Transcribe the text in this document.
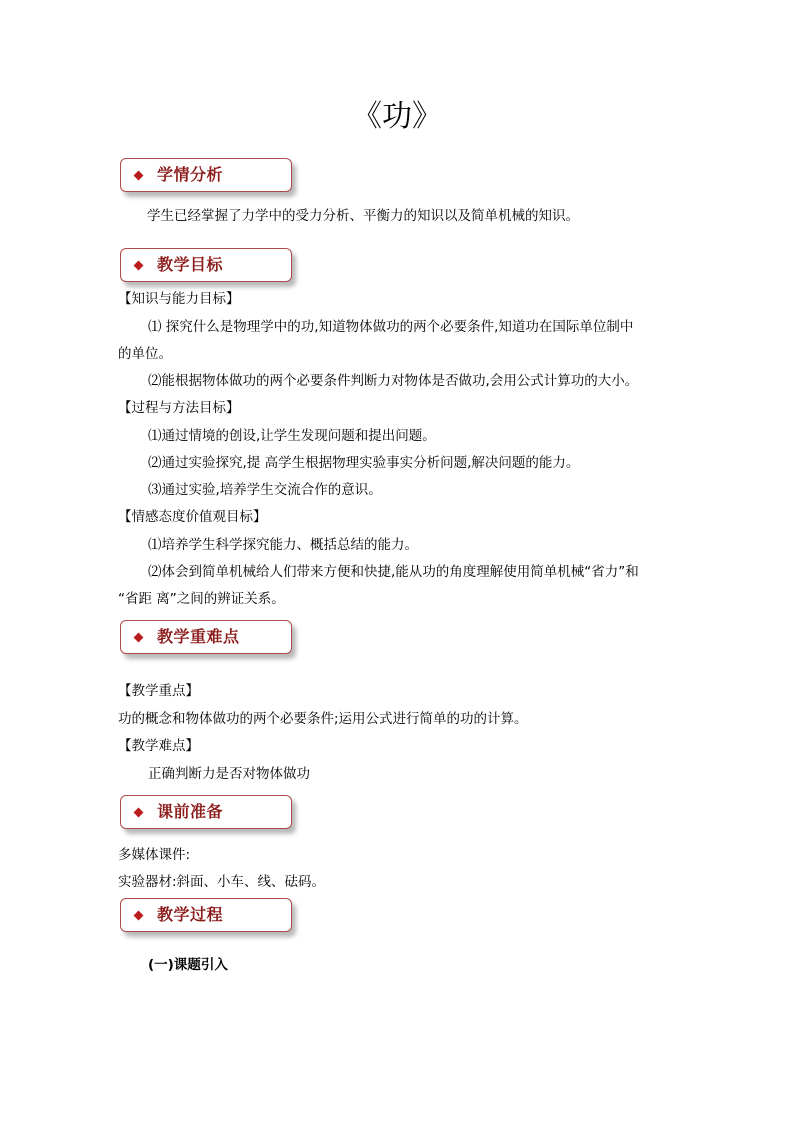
《功》
学情分析
学生已经掌握了力学中的受力分析、平衡力的知识以及简单机械的知识。
教学目标
【知识与能力目标】
⑴ 探究什么是物理学中的功,知道物体做功的两个必要条件,知道功在国际单位制中
的单位。
⑵能根据物体做功的两个必要条件判断力对物体是否做功,会用公式计算功的大小。
【过程与方法目标】
⑴通过情境的创设,让学生发现问题和提出问题。
⑵通过实验探究,提 高学生根据物理实验事实分析问题,解决问题的能力。
⑶通过实验,培养学生交流合作的意识。
【情感态度价值观目标】
⑴培养学生科学探究能力、概括总结的能力。
⑵体会到简单机械给人们带来方便和快捷,能从功的角度理解使用简单机械“省力”和
“省距 离”之间的辨证关系。
教学重难点
【教学重点】
功的概念和物体做功的两个必要条件;运用公式进行简单的功的计算。
【教学难点】
正确判断力是否对物体做功
课前准备
多媒体课件:
实验器材:斜面、小车、线、砝码。
教学过程
(一)课题引入
